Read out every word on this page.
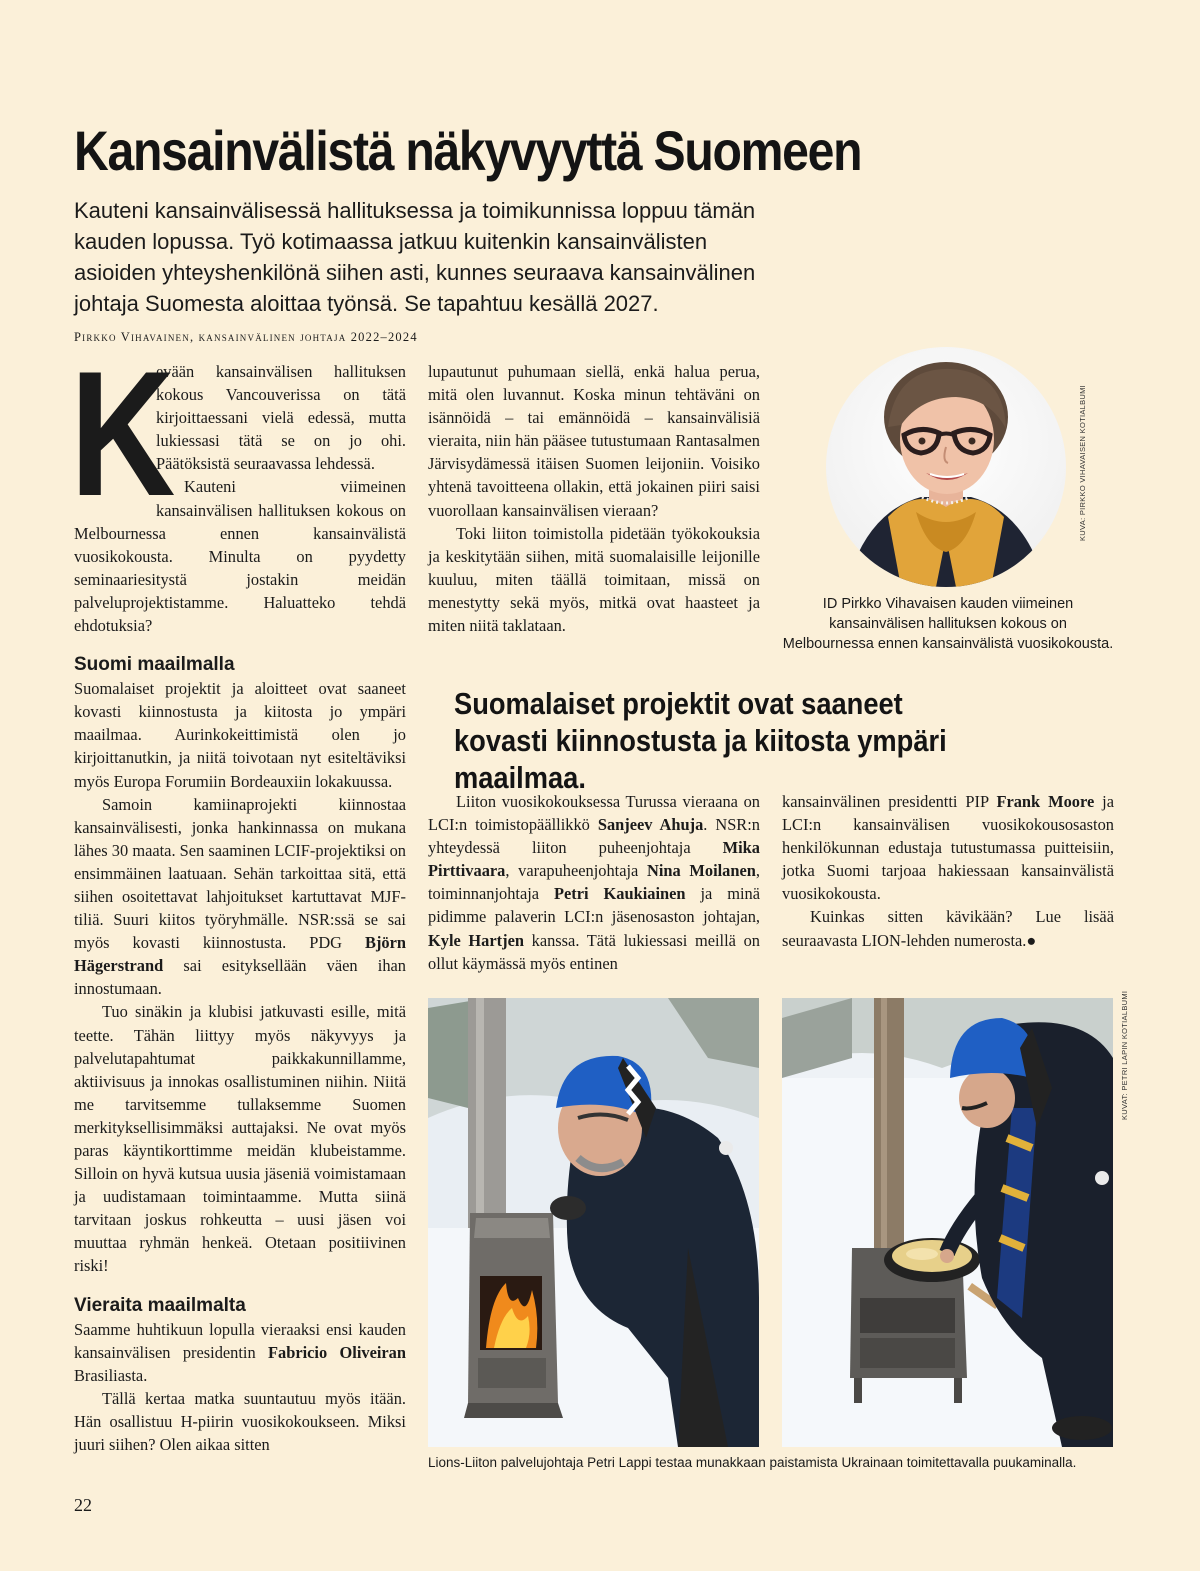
Kansainvälistä näkyvyyttä Suomeen

Kauteni kansainvälisessä hallituksessa ja toimikunnissa loppuu tämän kauden lopussa. Työ kotimaassa jatkuu kuitenkin kansainvälisten asioiden yhteyshenkilönä siihen asti, kunnes seuraava kansainvälinen johtaja Suomesta aloittaa työnsä. Se tapahtuu kesällä 2027.

Pirkko Vihavainen, kansainvälinen johtaja 2022–2024

K

evään kansainvälisen hallituksen kokous Vancouverissa on tätä kirjoittaessani vielä edessä, mutta lukiessasi tätä se on jo ohi. Päätöksistä seuraavassa lehdessä.

Kauteni viimeinen kansainvälisen hallituksen kokous on Melbournessa ennen kansainvälistä vuosikokousta. Minulta on pyydetty seminaariesitystä jostakin meidän palveluprojektistamme. Haluatteko tehdä ehdotuksia?

Suomi maailmalla

Suomalaiset projektit ja aloitteet ovat saaneet kovasti kiinnostusta ja kiitosta jo ympäri maailmaa. Aurinkokeittimistä olen jo kirjoittanutkin, ja niitä toivotaan nyt esiteltäviksi myös Europa Forumiin Bordeauxiin lokakuussa.

Samoin kamiinaprojekti kiinnostaa kansainvälisesti, jonka hankinnassa on mukana lähes 30 maata. Sen saaminen LCIF-projektiksi on ensimmäinen laatuaan. Sehän tarkoittaa sitä, että siihen osoitettavat lahjoitukset kartuttavat MJF-tiliä. Suuri kiitos työryhmälle. NSR:ssä se sai myös kovasti kiinnostusta. PDG Björn Hägerstrand sai esityksellään väen ihan innostumaan.

Tuo sinäkin ja klubisi jatkuvasti esille, mitä teette. Tähän liittyy myös näkyvyys ja palvelutapahtumat paikkakunnillamme, aktiivisuus ja innokas osallistuminen niihin. Niitä me tarvitsemme tullaksemme Suomen merkityksellisimmäksi auttajaksi. Ne ovat myös paras käyntikorttimme meidän klubeistamme. Silloin on hyvä kutsua uusia jäseniä voimistamaan ja uudistamaan toimintaamme. Mutta siinä tarvitaan joskus rohkeutta – uusi jäsen voi muuttaa ryhmän henkeä. Otetaan positiivinen riski!

Vieraita maailmalta

Saamme huhtikuun lopulla vieraaksi ensi kauden kansainvälisen presidentin Fabricio Oliveiran Brasiliasta.

Tällä kertaa matka suuntautuu myös itään. Hän osallistuu H-piirin vuosikokoukseen. Miksi juuri siihen? Olen aikaa sitten

lupautunut puhumaan siellä, enkä halua perua, mitä olen luvannut. Koska minun tehtäväni on isännöidä – tai emännöidä – kansainvälisiä vieraita, niin hän pääsee tutustumaan Rantasalmen Järvisydämessä itäisen Suomen leijoniin. Voisiko yhtenä tavoitteena ollakin, että jokainen piiri saisi vuorollaan kansainvälisen vieraan?

Toki liiton toimistolla pidetään työkokouksia ja keskitytään siihen, mitä suomalaisille leijonille kuuluu, miten täällä toimitaan, missä on menestytty sekä myös, mitkä ovat haasteet ja miten niitä taklataan.

KUVA: PIRKKO VIHAVAISEN KOTIALBUMI

ID Pirkko Vihavaisen kauden viimeinen kansainvälisen hallituksen kokous on Melbournessa ennen kansainvälistä vuosikokousta.

Suomalaiset projektit ovat saaneet kovasti kiinnostusta ja kiitosta ympäri maailmaa.

Liiton vuosikokouksessa Turussa vieraana on LCI:n toimistopäällikkö Sanjeev Ahuja. NSR:n yhteydessä liiton puheenjohtaja Mika Pirttivaara, varapuheenjohtaja Nina Moilanen, toiminnanjohtaja Petri Kaukiainen ja minä pidimme palaverin LCI:n jäsenosaston johtajan, Kyle Hartjen kanssa. Tätä lukiessasi meillä on ollut käymässä myös entinen

kansainvälinen presidentti PIP Frank Moore ja LCI:n kansainvälisen vuosikokousosaston henkilökunnan edustaja tutustumassa puitteisiin, jotka Suomi tarjoaa hakiessaan kansainvälistä vuosikokousta.

Kuinkas sitten kävikään? Lue lisää seuraavasta LION-lehden numerosta.●

KUVAT: PETRI LAPIN KOTIALBUMI

Lions-Liiton palvelujohtaja Petri Lappi testaa munakkaan paistamista Ukrainaan toimitettavalla puukaminalla.

22
